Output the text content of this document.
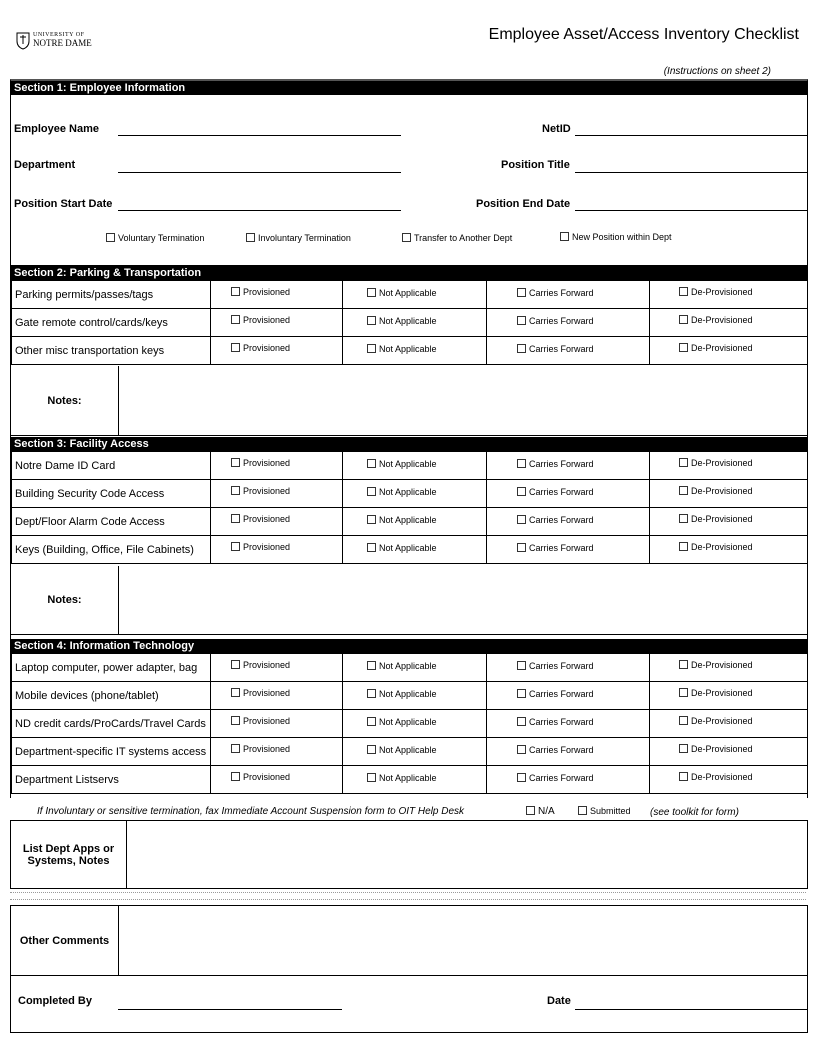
UNIVERSITY OF
NOTRE DAME	Employee Asset/Access Inventory Checklist
(Instructions on sheet 2)
Section 1: Employee Information
Employee Name	NetID
Department	Position Title
Position Start Date	Position End Date
Voluntary Termination	Involuntary Termination	Transfer to Another Dept	New Position within Dept
Section 2: Parking & Transportation
Parking permits/passes/tags	Provisioned	Not Applicable	Carries Forward	De-Provisioned

Gate remote control/cards/keys	Provisioned	Not Applicable	Carries Forward	De-Provisioned

Other misc transportation keys	Provisioned	Not Applicable	Carries Forward	De-Provisioned
Notes:
Section 3: Facility Access
Notre Dame ID Card	Provisioned	Not Applicable	Carries Forward	De-Provisioned

Building Security Code Access	Provisioned	Not Applicable	Carries Forward	De-Provisioned

Dept/Floor Alarm Code Access	Provisioned	Not Applicable	Carries Forward	De-Provisioned

Keys (Building, Office, File Cabinets)	Provisioned	Not Applicable	Carries Forward	De-Provisioned
Notes:
Section 4: Information Technology
Laptop computer, power adapter, bag	Provisioned	Not Applicable	Carries Forward	De-Provisioned

Mobile devices (phone/tablet)	Provisioned	Not Applicable	Carries Forward	De-Provisioned

ND credit cards/ProCards/Travel Cards	Provisioned	Not Applicable	Carries Forward	De-Provisioned

Department-specific IT systems access	Provisioned	Not Applicable	Carries Forward	De-Provisioned

Department Listservs	Provisioned	Not Applicable	Carries Forward	De-Provisioned
If Involuntary or sensitive termination, fax Immediate Account Suspension form to OIT Help Desk	N/A	Submitted (see toolkit for form)
List Dept Apps or Systems, Notes
Other Comments
Completed By	Date
